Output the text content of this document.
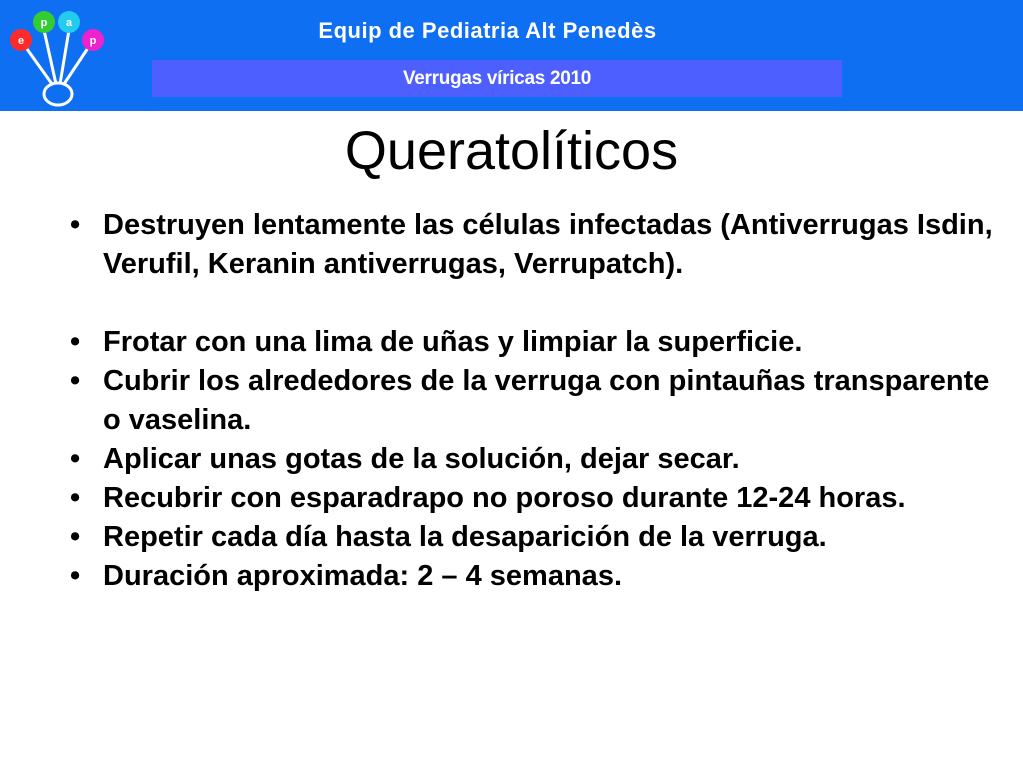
e
p a
p	Equip de Pediatria Alt Penedès
Verrugas víricas 2010
Queratolíticos
• Destruyen lentamente las células infectadas (Antiverrugas Isdin, Verufil, Keranin antiverrugas, Verrupatch).
• Frotar con una lima de uñas y limpiar la superficie.
• Cubrir los alrededores de la verruga con pintauñas transparente o vaselina.
• Aplicar unas gotas de la solución, dejar secar.
• Recubrir con esparadrapo no poroso durante 12-24 horas.
• Repetir cada día hasta la desaparición de la verruga.
• Duración aproximada: 2 – 4 semanas.
